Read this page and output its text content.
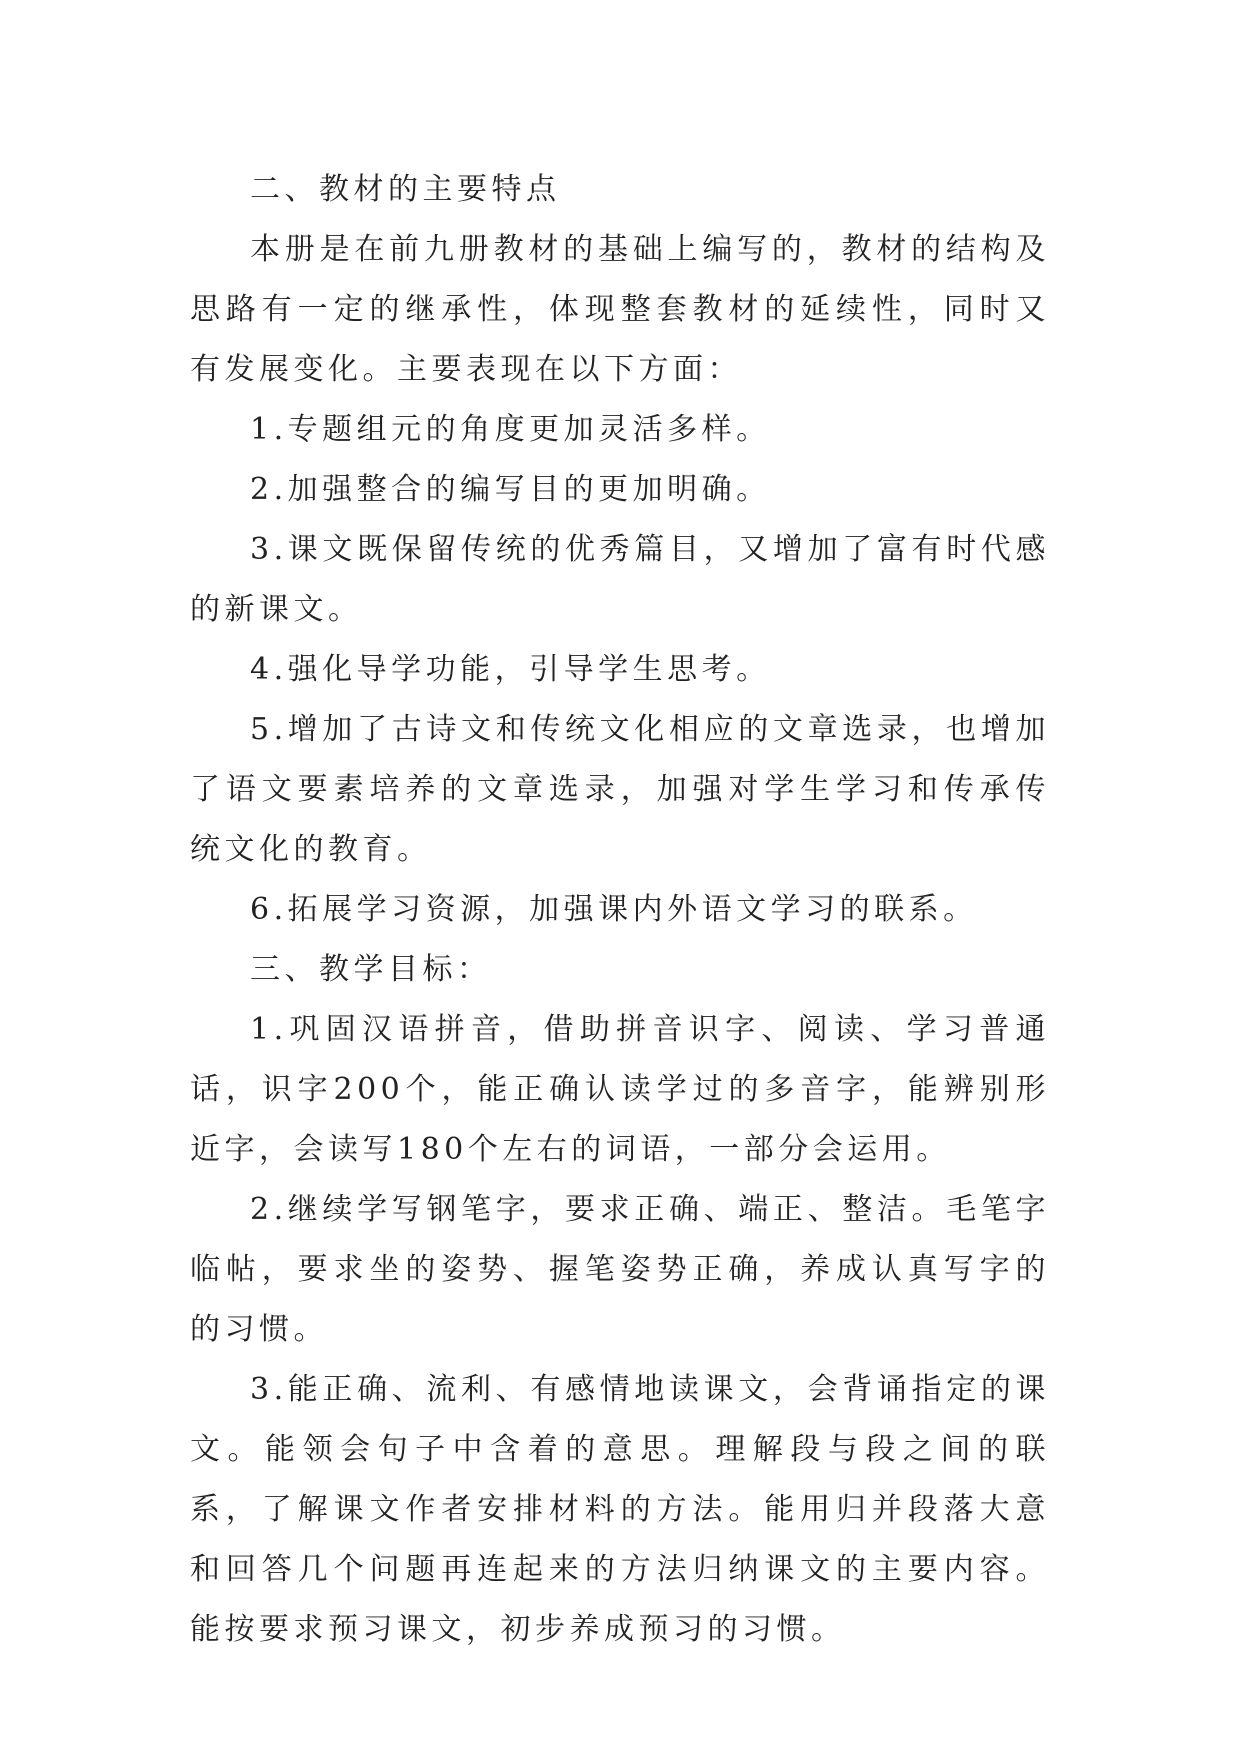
二、教材的主要特点

本册是在前九册教材的基础上编写的，教材的结构及思路有一定的继承性，体现整套教材的延续性，同时又有发展变化。主要表现在以下方面：

1.专题组元的角度更加灵活多样。

2.加强整合的编写目的更加明确。

3.课文既保留传统的优秀篇目，又增加了富有时代感的新课文。

4.强化导学功能，引导学生思考。

5.增加了古诗文和传统文化相应的文章选录，也增加了语文要素培养的文章选录，加强对学生学习和传承传统文化的教育。

6.拓展学习资源，加强课内外语文学习的联系。

三、教学目标：

1.巩固汉语拼音，借助拼音识字、阅读、学习普通话，识字200个，能正确认读学过的多音字，能辨别形近字，会读写180个左右的词语，一部分会运用。

2.继续学写钢笔字，要求正确、端正、整洁。毛笔字临帖，要求坐的姿势、握笔姿势正确，养成认真写字的的习惯。

3.能正确、流利、有感情地读课文，会背诵指定的课文。能领会句子中含着的意思。理解段与段之间的联系，了解课文作者安排材料的方法。能用归并段落大意和回答几个问题再连起来的方法归纳课文的主要内容。能按要求预习课文，初步养成预习的习惯。
